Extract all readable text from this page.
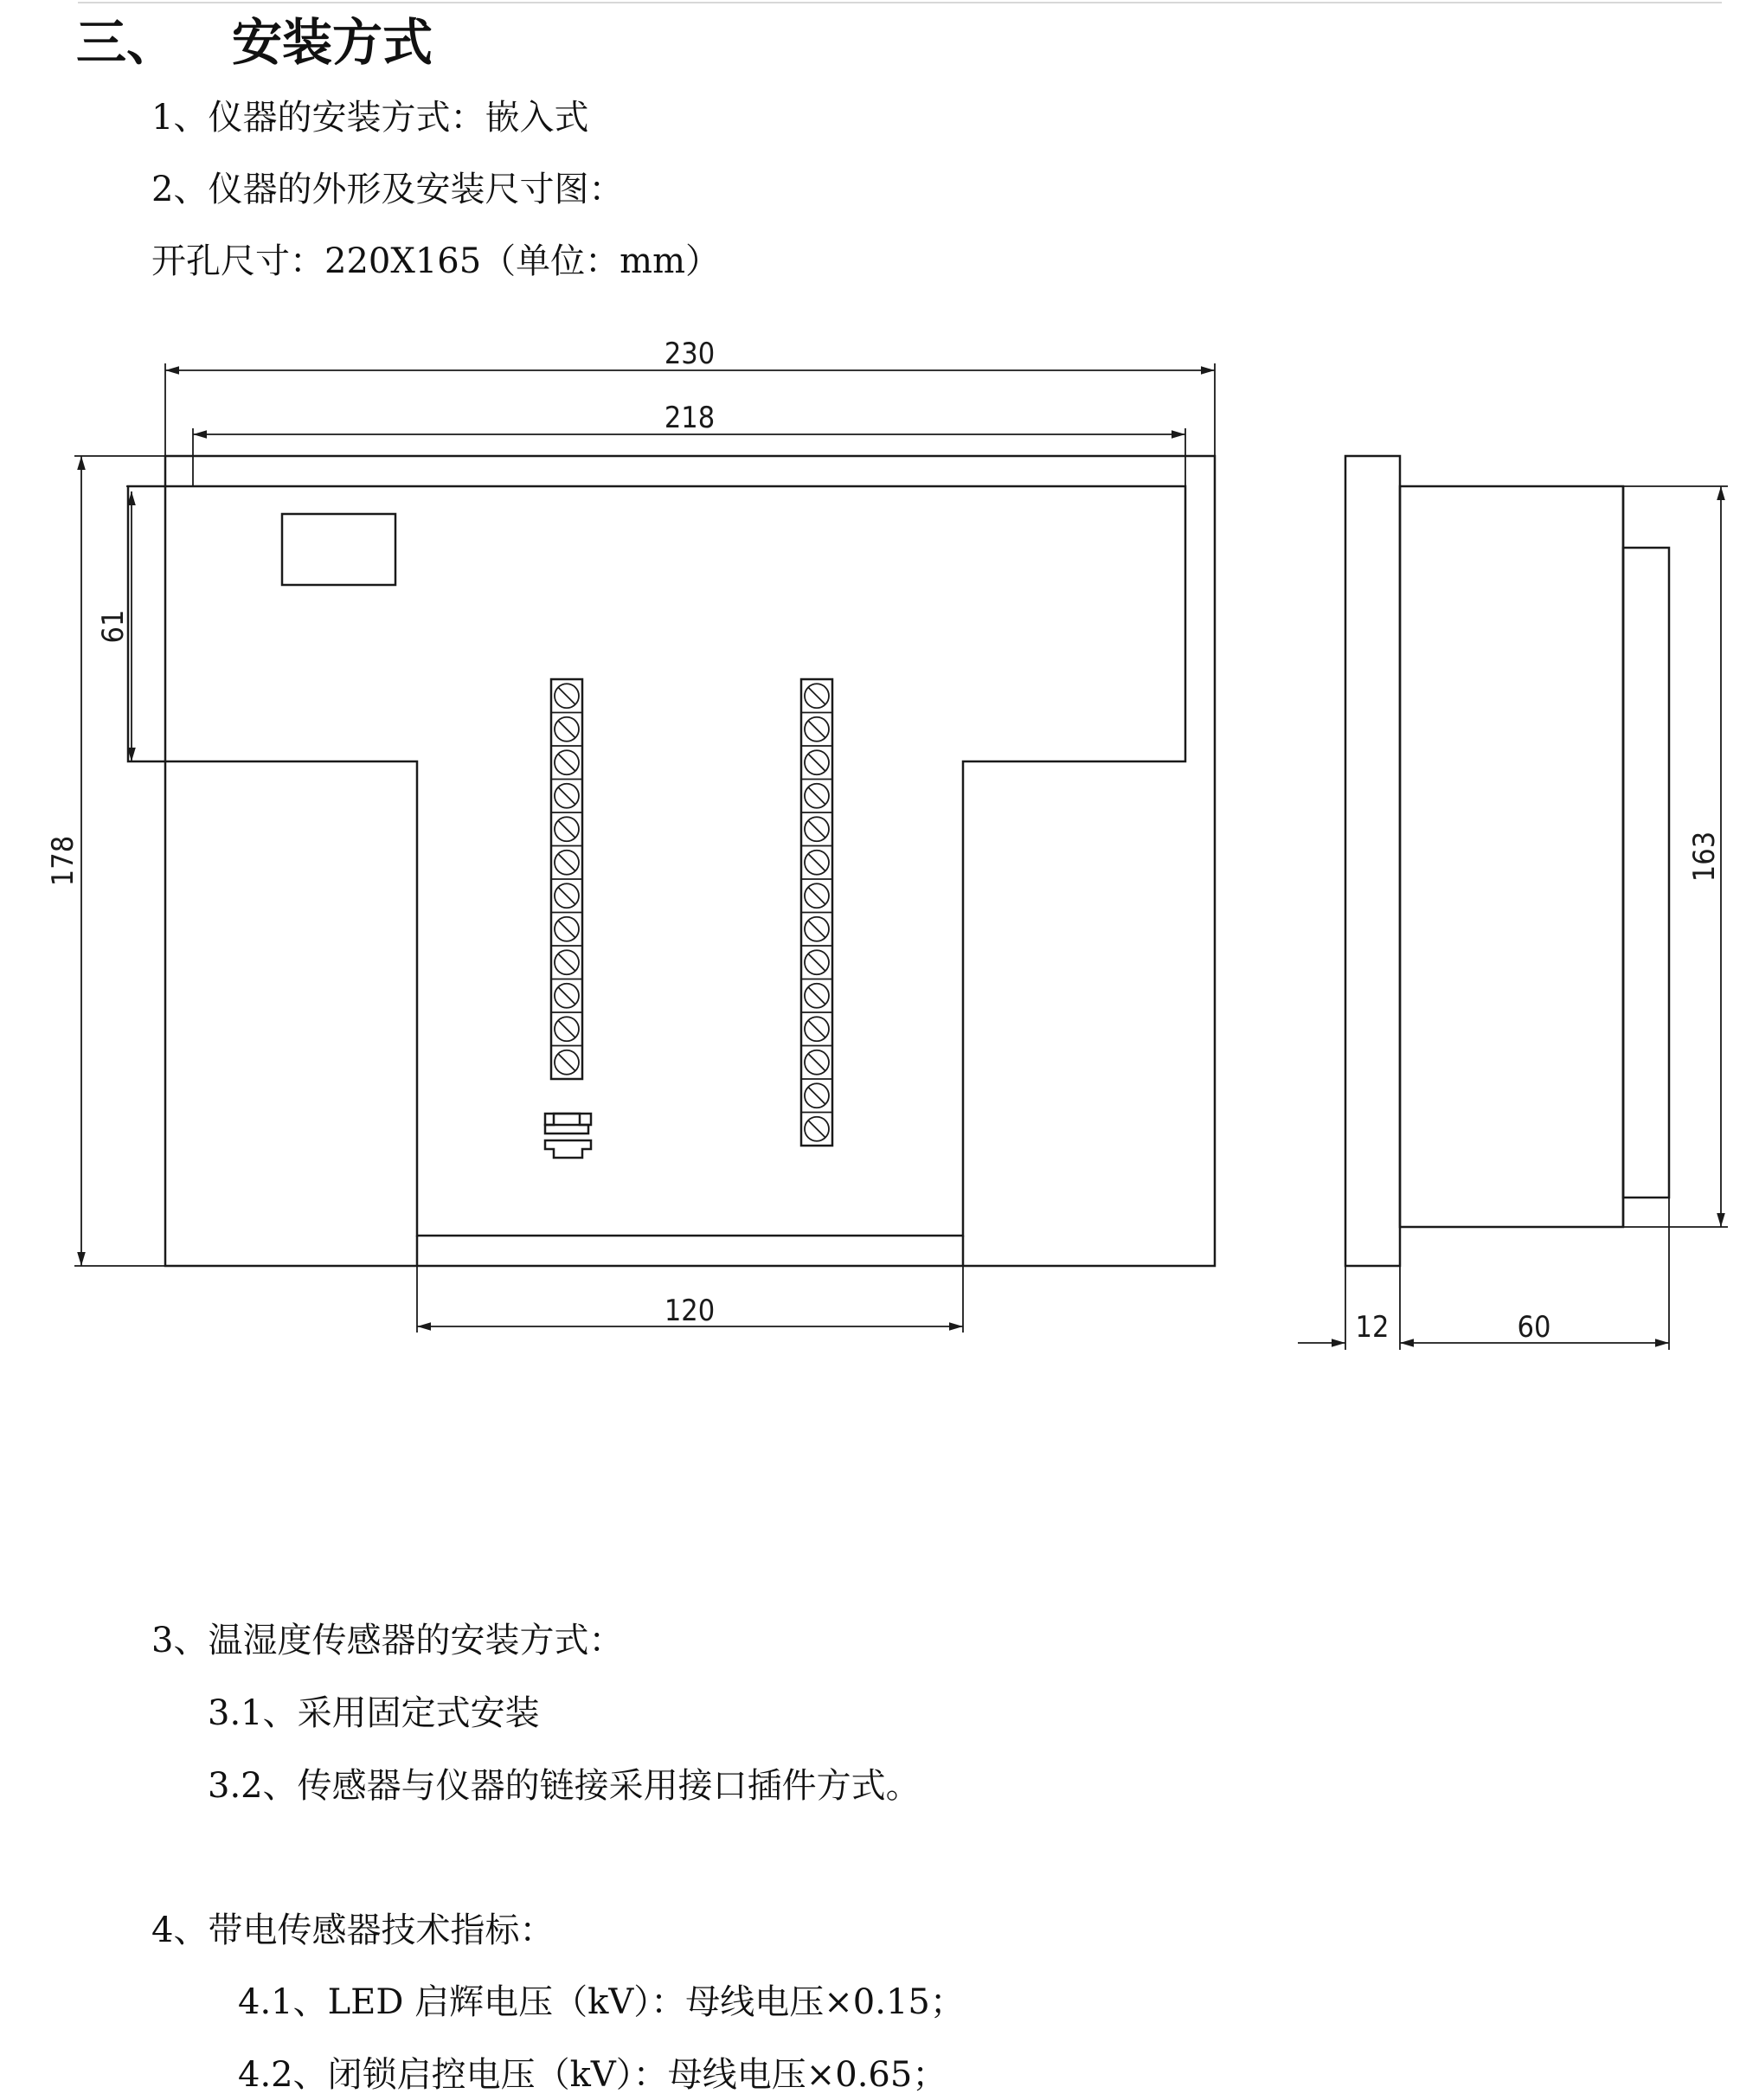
三、 安装方式
1、仪器的安装方式：嵌入式
2、仪器的外形及安装尺寸图：
开孔尺寸：220X165（单位：mm）
230
218
178
61
120
163
12	60
3、温湿度传感器的安装方式：
3.1、采用固定式安装
3.2、传感器与仪器的链接采用接口插件方式。
4、带电传感器技术指标：
4.1、LED 启辉电压（kV）：母线电压×0.15；
4.2、闭锁启控电压（kV）：母线电压×0.65；
